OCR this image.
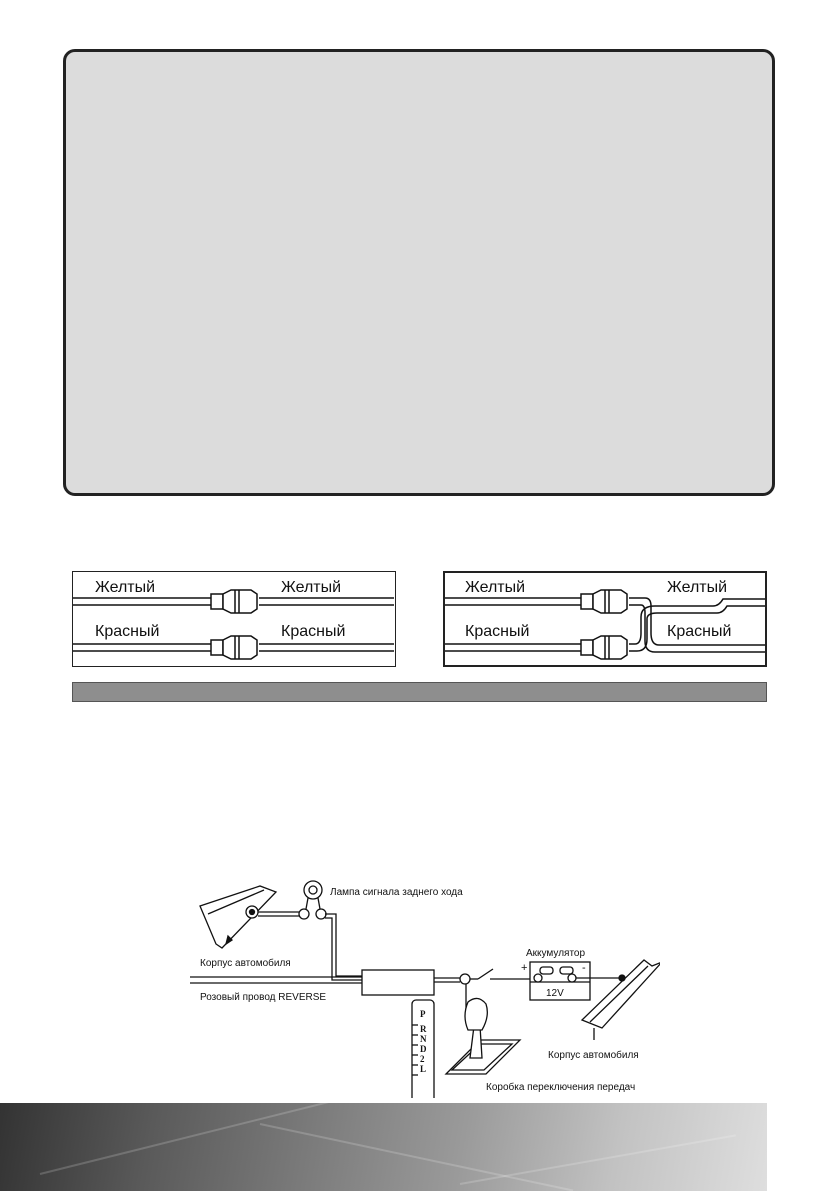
Желтый	Желтый
Красный	Красный
Желтый	Желтый
Красный	Красный
Лампа сигнала заднего хода
Корпус автомобиля
Розовый провод REVERSE
Аккумулятор
+	-
12V
Корпус автомобиля
P
R
N
D
2
L
Коробка переключения передач
